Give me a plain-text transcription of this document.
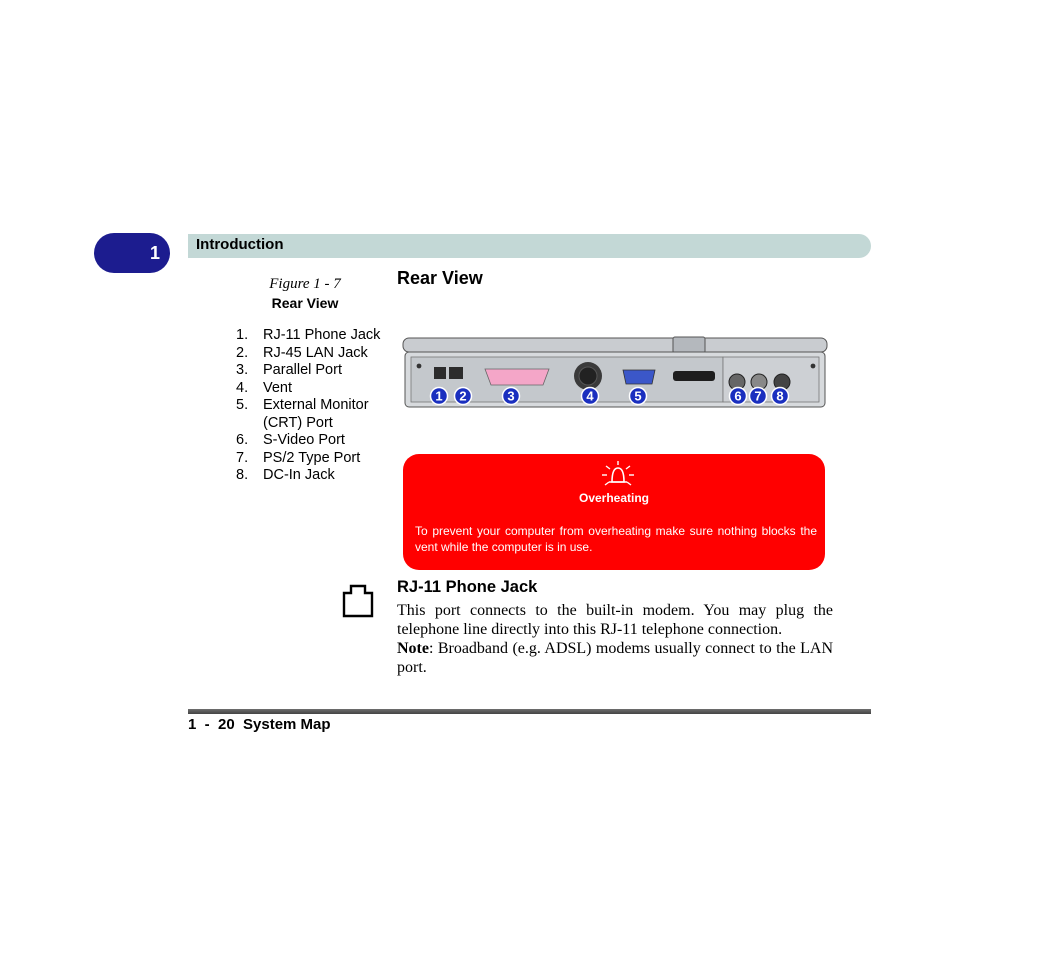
1 Introduction
Figure 1 - 7
Rear View
1.	RJ-11 Phone Jack
2.	RJ-45 LAN Jack
3.	Parallel Port
4.	Vent
5.	External Monitor (CRT) Port
6.	S-Video Port
7.	PS/2 Type Port
8.	DC-In Jack
Rear View
1 2	3	4	5	6 7 8
Overheating
To prevent your computer from overheating make sure nothing blocks the vent while the computer is in use.
RJ-11 Phone Jack

This port connects to the built-in modem. You may plug the telephone line directly into this RJ-11 telephone connection.

Note: Broadband (e.g. ADSL) modems usually connect to the LAN port.

1  -  20  System Map
